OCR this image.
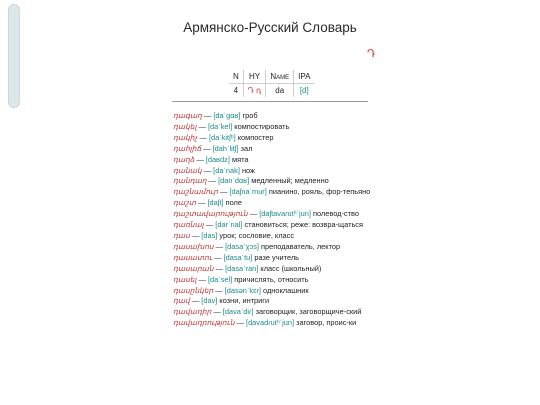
Армянско-Русский Словарь
Դ
N	HY	Name	IPA
4	Դ դ	da	[d]
դագաղ — [daˈɡɑʁ] гроб
դակել — [daˈkel] компостировать
դակիչ — [daˈkitʃʰ] компостер
դահլիճ — [dahˈlitʃ] зал
դաղձ — [daʁdz] мята
դանակ — [daˈnak] нож
դանդաղ — [danˈdɑʁ] медленный; медленно
դաշնամուր — [daʃnaˈmur] пианино, рояль, фор-тепьяно
դաշտ — [daʃt] поле
դաշտավարություն — [daʃtavaɾutʰˈjun] полевод-ство
դառնալ — [darˈnal] становиться; реже: возвра-щаться
դաս — [das] урок; сословие, класс
դասախոս — [dasaˈχɔs] преподаватель, лектор
դասատու — [dasaˈtu] разе учитель
դասարան — [dasaˈɾan] класс (школьный)
դասել — [daˈsel] причислять, относить
դասընկեր — [dasənˈkɛɾ] одноклашник
դավ — [dav] козни, интриги
դավադիր — [davaˈdiɾ] заговорщик, заговорщиче-ский
դավադրություն — [davadɾutʰˈjun] заговор, проис-ки
